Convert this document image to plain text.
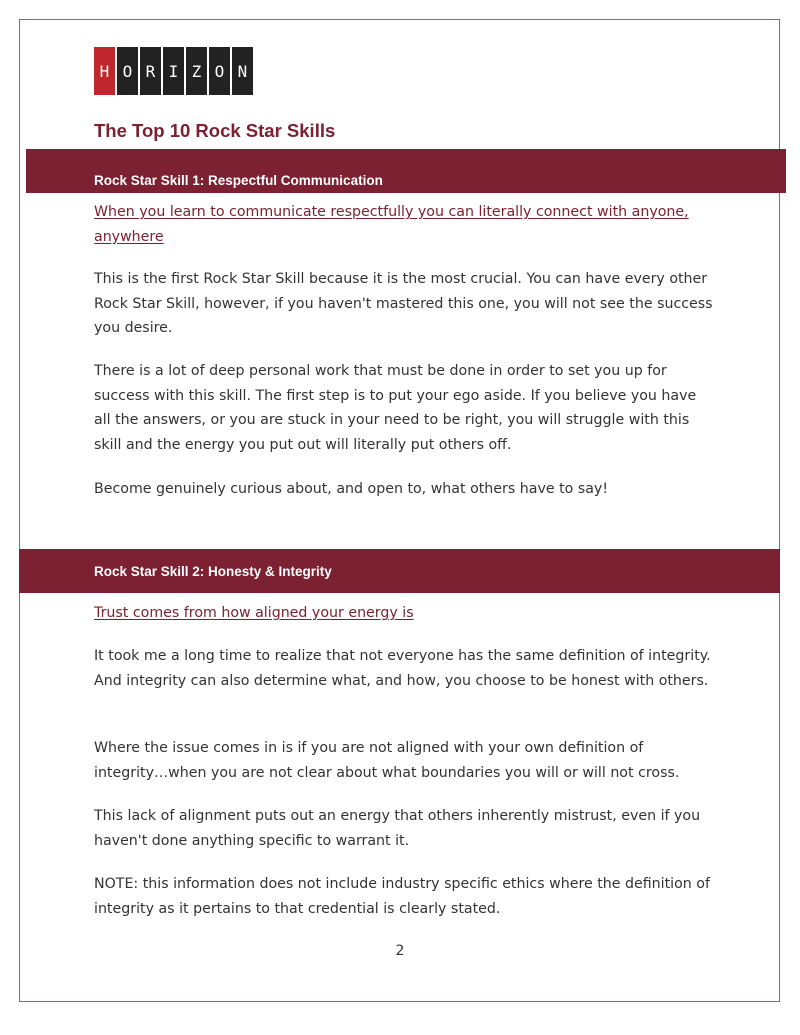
H O R I Z O N
The Top 10 Rock Star Skills
Rock Star Skill 1: Respectful Communication

When you learn to communicate respectfully you can literally connect with anyone, anywhere

This is the first Rock Star Skill because it is the most crucial. You can have every other Rock Star Skill, however, if you haven't mastered this one, you will not see the success you desire.

There is a lot of deep personal work that must be done in order to set you up for success with this skill. The first step is to put your ego aside. If you believe you have all the answers, or you are stuck in your need to be right, you will struggle with this skill and the energy you put out will literally put others off.

Become genuinely curious about, and open to, what others have to say!

Rock Star Skill 2: Honesty & Integrity

Trust comes from how aligned your energy is

It took me a long time to realize that not everyone has the same definition of integrity. And integrity can also determine what, and how, you choose to be honest with others.

Where the issue comes in is if you are not aligned with your own definition of integrity…when you are not clear about what boundaries you will or will not cross.

This lack of alignment puts out an energy that others inherently mistrust, even if you haven't done anything specific to warrant it.

NOTE: this information does not include industry specific ethics where the definition of integrity as it pertains to that credential is clearly stated.

2
